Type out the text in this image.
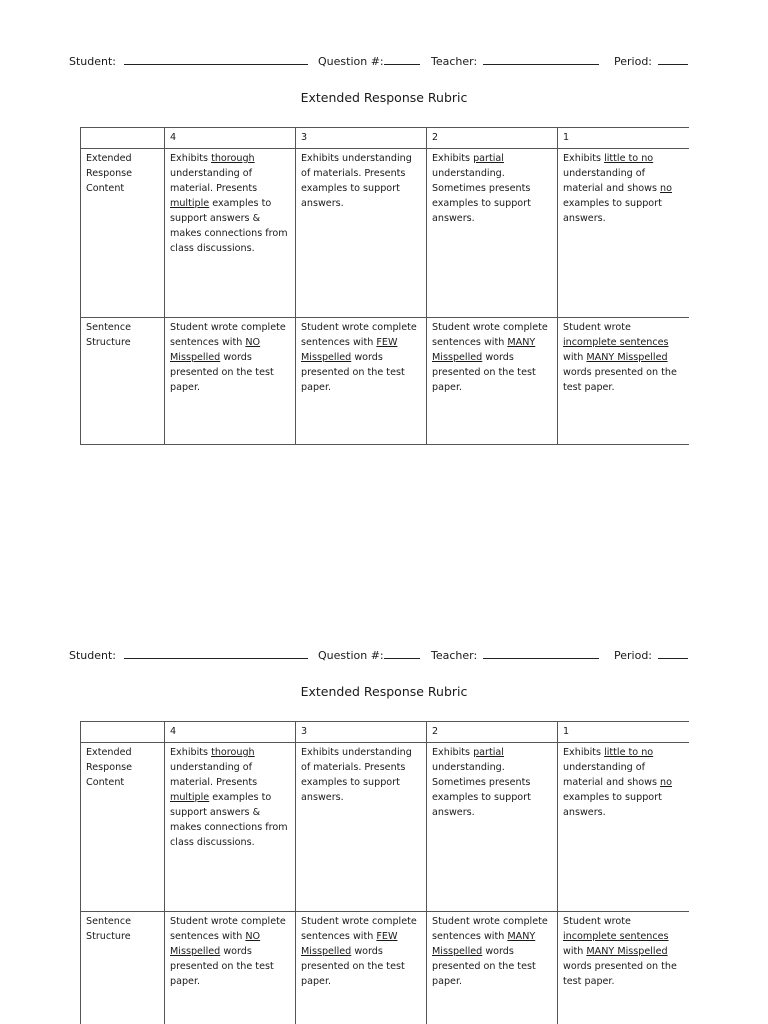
Student:	Question #:	Teacher:	Period:
Extended Response Rubric
	4	3	2	1
Extended Response Content	Exhibits thorough understanding of material. Presents multiple examples to support answers & makes connections from class discussions.	Exhibits understanding of materials. Presents examples to support answers.	Exhibits partial understanding. Sometimes presents examples to support answers.	Exhibits little to no understanding of material and shows no examples to support answers.
Sentence Structure	Student wrote complete sentences with NO Misspelled words presented on the test paper.	Student wrote complete sentences with FEW Misspelled words presented on the test paper.	Student wrote complete sentences with MANY Misspelled words presented on the test paper.	Student wrote incomplete sentences with MANY Misspelled words presented on the test paper.
Student:	Question #:	Teacher:	Period:
Extended Response Rubric
	4	3	2	1
Extended Response Content	Exhibits thorough understanding of material. Presents multiple examples to support answers & makes connections from class discussions.	Exhibits understanding of materials. Presents examples to support answers.	Exhibits partial understanding. Sometimes presents examples to support answers.	Exhibits little to no understanding of material and shows no examples to support answers.
Sentence Structure	Student wrote complete sentences with NO Misspelled words presented on the test paper.	Student wrote complete sentences with FEW Misspelled words presented on the test paper.	Student wrote complete sentences with MANY Misspelled words presented on the test paper.	Student wrote incomplete sentences with MANY Misspelled words presented on the test paper.
